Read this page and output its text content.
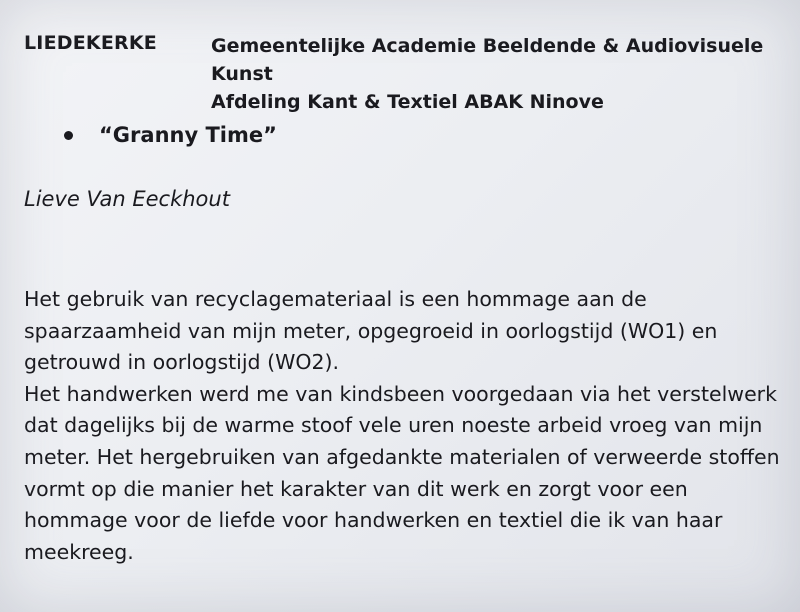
LIEDEKERKE	Gemeentelijke Academie Beeldende & Audiovisuele Kunst
Afdeling Kant & Textiel ABAK Ninove
“Granny Time”
Lieve Van Eeckhout

Het gebruik van recyclagemateriaal is een hommage aan de spaarzaamheid van mijn meter, opgegroeid in oorlogstijd (WO1) en getrouwd in oorlogstijd (WO2).

Het handwerken werd me van kindsbeen voorgedaan via het verstelwerk dat dagelijks bij de warme stoof vele uren noeste arbeid vroeg van mijn meter. Het hergebruiken van afgedankte materialen of verweerde stoffen vormt op die manier het karakter van dit werk en zorgt voor een hommage voor de liefde voor handwerken en textiel die ik van haar meekreeg.
